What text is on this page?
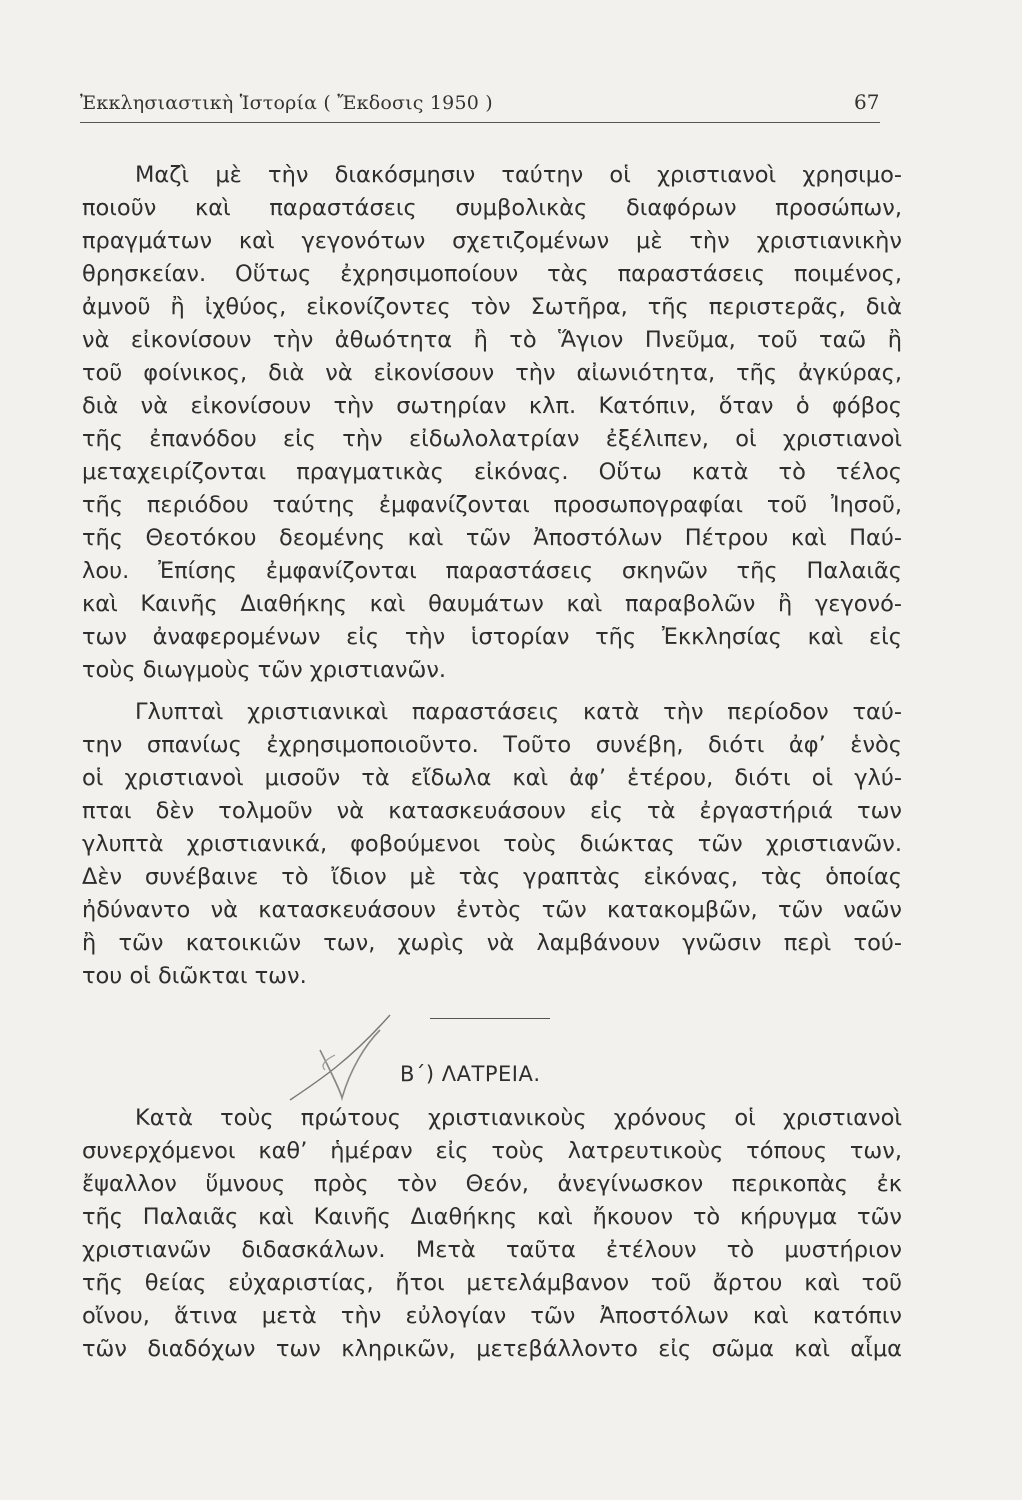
Ἐκκλησιαστικὴ Ἱστορία ( Ἔκδοσις 1950 )	67
Μαζὶ μὲ τὴν διακόσμησιν ταύτην οἱ χριστιανοὶ χρησιμο-
ποιοῦν καὶ παραστάσεις συμβολικὰς διαφόρων προσώπων,
πραγμάτων καὶ γεγονότων σχετιζομένων μὲ τὴν χριστιανικὴν
θρησκείαν. Οὕτως ἐχρησιμοποίουν τὰς παραστάσεις ποιμένος,
ἀμνοῦ ἢ ἰχθύος, εἰκονίζοντες τὸν Σωτῆρα, τῆς περιστερᾶς, διὰ
νὰ εἰκονίσουν τὴν ἀθωότητα ἢ τὸ Ἅγιον Πνεῦμα, τοῦ ταῶ ἢ
τοῦ φοίνικος, διὰ νὰ εἰκονίσουν τὴν αἰωνιότητα, τῆς ἀγκύρας,
διὰ νὰ εἰκονίσουν τὴν σωτηρίαν κλπ. Κατόπιν, ὅταν ὁ φόβος
τῆς ἐπανόδου εἰς τὴν εἰδωλολατρίαν ἐξέλιπεν, οἱ χριστιανοὶ
μεταχειρίζονται πραγματικὰς εἰκόνας. Οὕτω κατὰ τὸ τέλος
τῆς περιόδου ταύτης ἐμφανίζονται προσωπογραφίαι τοῦ Ἰησοῦ,
τῆς Θεοτόκου δεομένης καὶ τῶν Ἀποστόλων Πέτρου καὶ Παύ-
λου. Ἐπίσης ἐμφανίζονται παραστάσεις σκηνῶν τῆς Παλαιᾶς
καὶ Καινῆς Διαθήκης καὶ θαυμάτων καὶ παραβολῶν ἢ γεγονό-
των ἀναφερομένων εἰς τὴν ἱστορίαν τῆς Ἐκκλησίας καὶ εἰς
τοὺς διωγμοὺς τῶν χριστιανῶν.
Γλυπταὶ χριστιανικαὶ παραστάσεις κατὰ τὴν περίοδον ταύ-
την σπανίως ἐχρησιμοποιοῦντο. Τοῦτο συνέβη, διότι ἀφ’ ἑνὸς
οἱ χριστιανοὶ μισοῦν τὰ εἴδωλα καὶ ἀφ’ ἑτέρου, διότι οἱ γλύ-
πται δὲν τολμοῦν νὰ κατασκευάσουν εἰς τὰ ἐργαστήριά των
γλυπτὰ χριστιανικά, φοβούμενοι τοὺς διώκτας τῶν χριστιανῶν.
Δὲν συνέβαινε τὸ ἴδιον μὲ τὰς γραπτὰς εἰκόνας, τὰς ὁποίας
ἠδύναντο νὰ κατασκευάσουν ἐντὸς τῶν κατακομβῶν, τῶν ναῶν
ἢ τῶν κατοικιῶν των, χωρὶς νὰ λαμβάνουν γνῶσιν περὶ τού-
του οἱ διῶκται των.
Β΄) ΛΑΤΡΕΙΑ.
Κατὰ τοὺς πρώτους χριστιανικοὺς χρόνους οἱ χριστιανοὶ
συνερχόμενοι καθ’ ἡμέραν εἰς τοὺς λατρευτικοὺς τόπους των,
ἔψαλλον ὕμνους πρὸς τὸν Θεόν, ἀνεγίνωσκον περικοπὰς ἐκ
τῆς Παλαιᾶς καὶ Καινῆς Διαθήκης καὶ ἤκουον τὸ κήρυγμα τῶν
χριστιανῶν διδασκάλων. Μετὰ ταῦτα ἐτέλουν τὸ μυστήριον
τῆς θείας εὐχαριστίας, ἤτοι μετελάμβανον τοῦ ἄρτου καὶ τοῦ
οἴνου, ἅτινα μετὰ τὴν εὐλογίαν τῶν Ἀποστόλων καὶ κατόπιν
τῶν διαδόχων των κληρικῶν, μετεβάλλοντο εἰς σῶμα καὶ αἷμα
